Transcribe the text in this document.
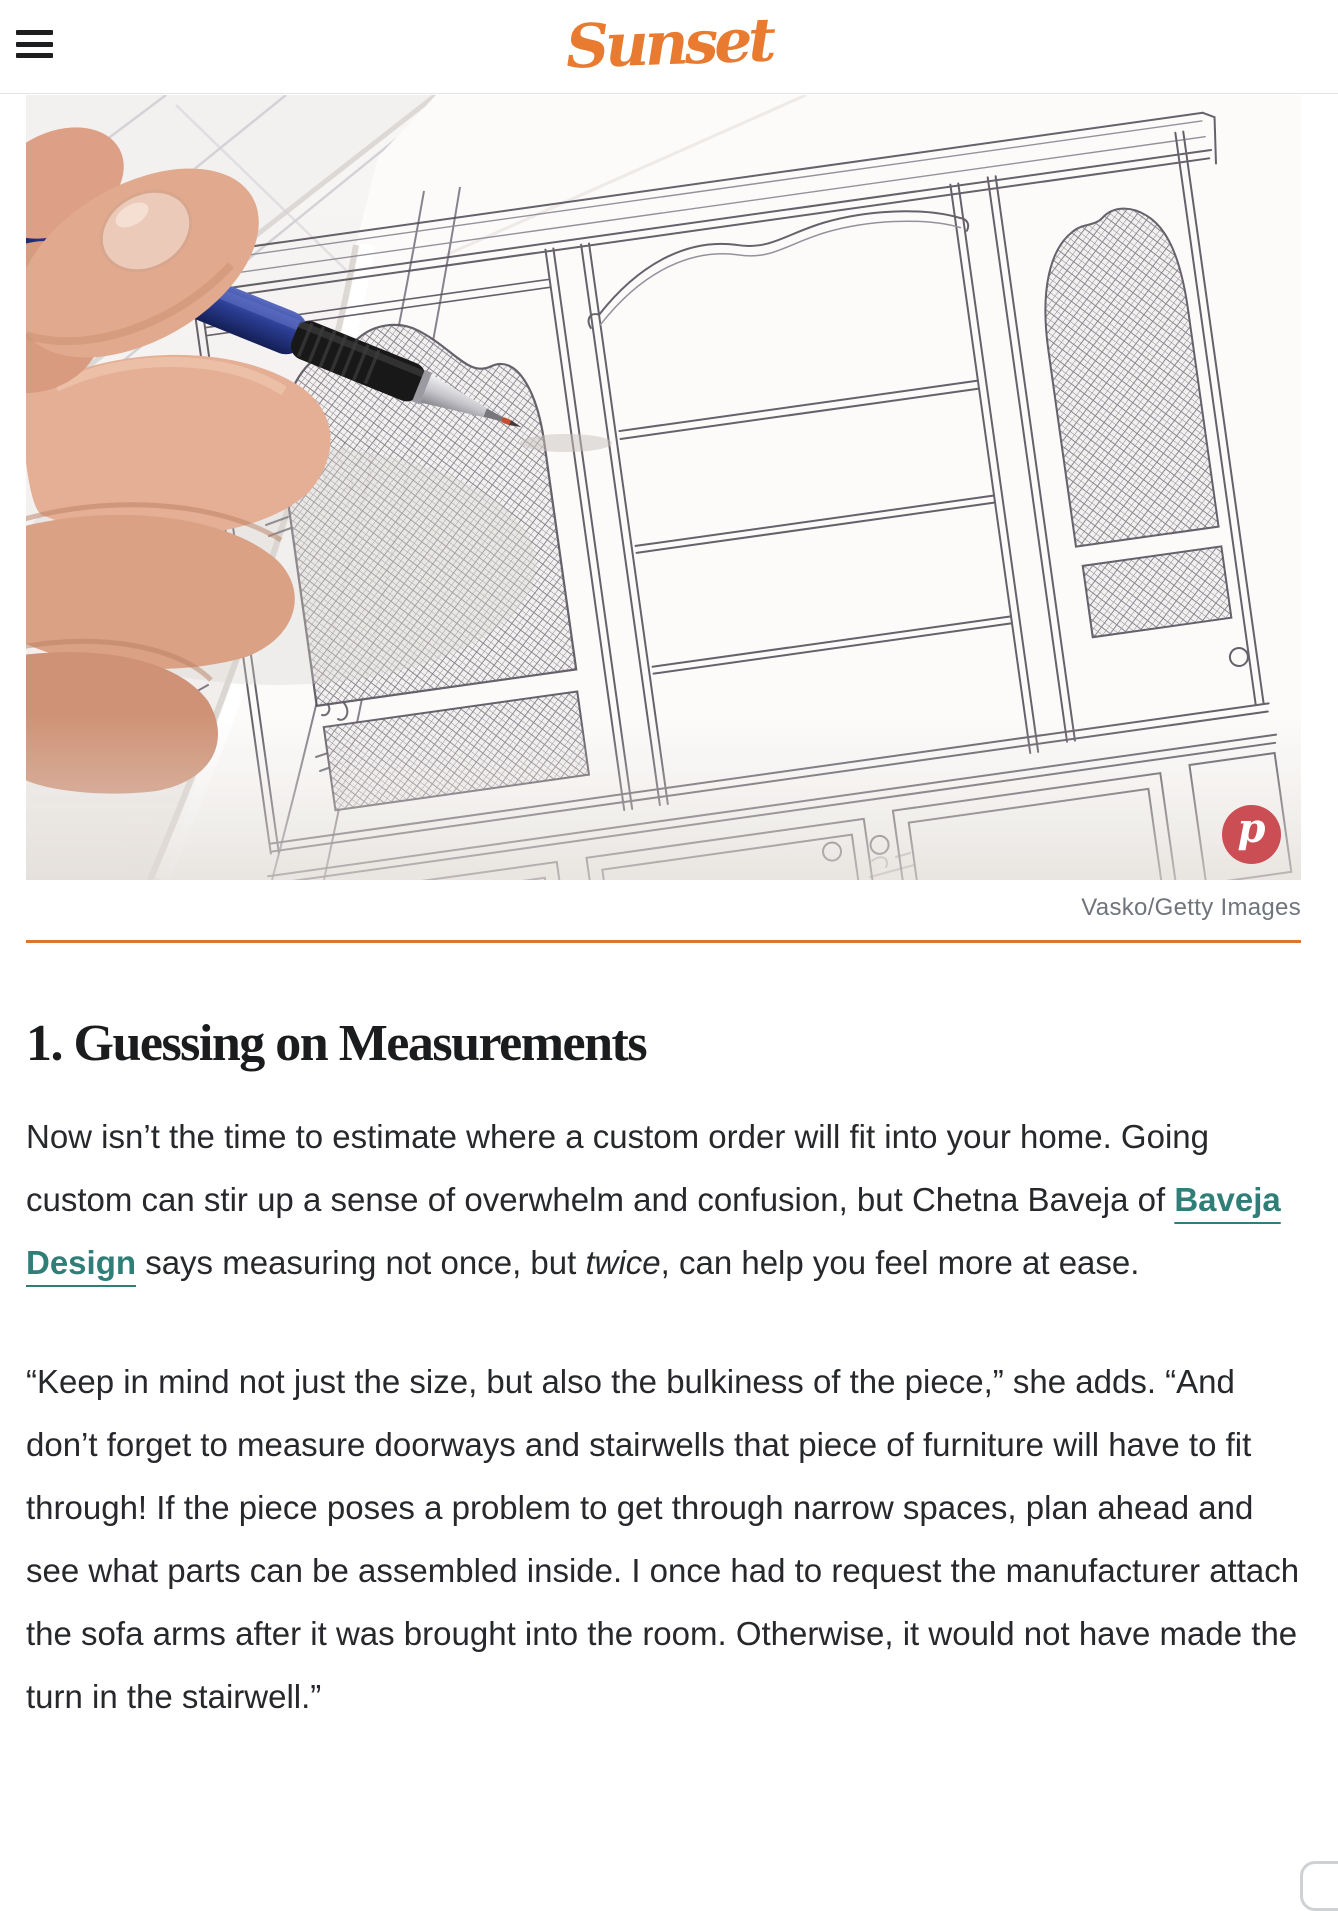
Sunset
p
Vasko/Getty Images
1. Guessing on Measurements

Now isn’t the time to estimate where a custom order will fit into your home. Going custom can stir up a sense of overwhelm and confusion, but Chetna Baveja of Baveja Design says measuring not once, but twice, can help you feel more at ease.

“Keep in mind not just the size, but also the bulkiness of the piece,” she adds. “And don’t forget to measure doorways and stairwells that piece of furniture will have to fit through! If the piece poses a problem to get through narrow spaces, plan ahead and see what parts can be assembled inside. I once had to request the manufacturer attach the sofa arms after it was brought into the room. Otherwise, it would not have made the turn in the stairwell.”
